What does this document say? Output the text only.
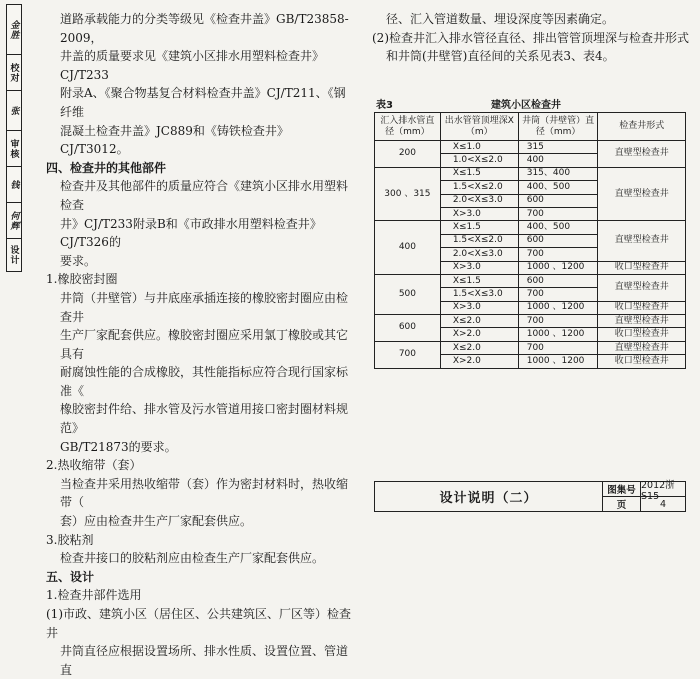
金胜
校对
张
审核
钱
何辉
设计

道路承载能力的分类等级见《检查井盖》GB/T23858-2009，

井盖的质量要求见《建筑小区排水用塑料检查井》CJ/T233

附录A、《聚合物基复合材料检查井盖》CJ/T211、《钢纤维

混凝土检查井盖》JC889和《铸铁检查井》CJ/T3012。

四、检查井的其他部件

检查井及其他部件的质量应符合《建筑小区排水用塑料检查

井》CJ/T233附录B和《市政排水用塑料检查井》CJ/T326的

要求。

1.橡胶密封圈

井筒（井壁管）与井底座承插连接的橡胶密封圈应由检查井

生产厂家配套供应。橡胶密封圈应采用氯丁橡胶或其它具有

耐腐蚀性能的合成橡胶，其性能指标应符合现行国家标准《

橡胶密封件给、排水管及污水管道用接口密封圈材料规范》

GB/T21873的要求。

2.热收缩带（套）

当检查井采用热收缩带（套）作为密封材料时，热收缩带（

套）应由检查井生产厂家配套供应。

3.胶粘剂

检查井接口的胶粘剂应由检查生产厂家配套供应。

五、设计

1.检查井部件选用

(1)市政、建筑小区（居住区、公共建筑区、厂区等）检查井

井筒直径应根据设置场所、排水性质、设置位置、管道直

径、汇入管道数量、埋设深度等因素确定。

(2)检查井汇入排水管径直径、排出管管顶埋深与检查井形式

和井筒(井壁管)直径间的关系见表3、表4。

表3	建筑小区检查井
汇入排水管直径（mm）	出水管管顶埋深X（m）	井筒（井壁管）直径（mm）	检查井形式
200	X≤1.0	315	直壁型检查井
	1.0<X≤2.0	400	
300 、315	X≤1.5	315、400	直壁型检查井
	1.5<X≤2.0	400、500	
	2.0<X≤3.0	600	
	X>3.0	700	
400	X≤1.5	400、500	直壁型检查井
	1.5<X≤2.0	600	
	2.0<X≤3.0	700	
	X>3.0	1000 、1200	收口型检查井
500	X≤1.5	600	直壁型检查井
	1.5<X≤3.0	700	
	X>3.0	1000 、1200	收口型检查井
600	X≤2.0	700	直壁型检查井
	X>2.0	1000 、1200	收口型检查井
700	X≤2.0	700	直壁型检查井
	X>2.0	1000 、1200	收口型检查井
设计说明（二）
图集号 2012浙S15
页	4
